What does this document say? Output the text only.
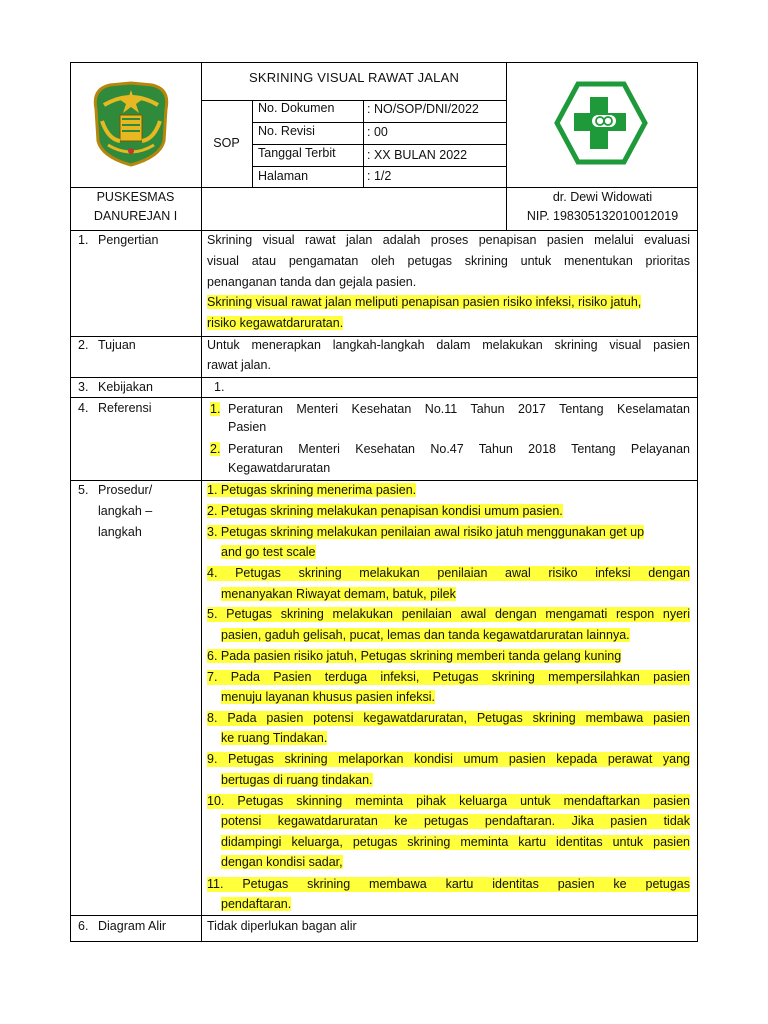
SKRINING VISUAL RAWAT JALAN
SOP
No. Dokumen	: NO/SOP/DNI/2022
No. Revisi	: 00
Tanggal Terbit	: XX BULAN 2022
Halaman	: 1/2
PUSKESMAS
DANUREJAN I
dr. Dewi Widowati
NIP. 198305132010012019
1. Pengertian	Skrining visual rawat jalan adalah proses penapisan pasien melalui evaluasi
visual atau pengamatan oleh petugas skrining untuk menentukan prioritas
penanganan tanda dan gejala pasien.
Skrining visual rawat jalan meliputi penapisan pasien risiko infeksi, risiko jatuh,
risiko kegawatdaruratan.
2. Tujuan	Untuk menerapkan langkah-langkah dalam melakukan skrining visual pasien
rawat jalan.
3. Kebijakan	1.
4. Referensi	1. Peraturan Menteri Kesehatan No.11 Tahun 2017 Tentang Keselamatan
Pasien
2. Peraturan Menteri Kesehatan No.47 Tahun 2018 Tentang Pelayanan
Kegawatdaruratan
5. Prosedur/
langkah –
langkah
1. Petugas skrining menerima pasien.
2. Petugas skrining melakukan penapisan kondisi umum pasien.
3. Petugas skrining melakukan penilaian awal risiko jatuh menggunakan get up
and go test scale
4. Petugas skrining melakukan penilaian awal risiko infeksi dengan
menanyakan Riwayat demam, batuk, pilek
5. Petugas skrining melakukan penilaian awal dengan mengamati respon nyeri
pasien, gaduh gelisah, pucat, lemas dan tanda kegawatdaruratan lainnya.
6. Pada pasien risiko jatuh, Petugas skrining memberi tanda gelang kuning
7. Pada Pasien terduga infeksi, Petugas skrining mempersilahkan pasien
menuju layanan khusus pasien infeksi.
8. Pada pasien potensi kegawatdaruratan, Petugas skrining membawa pasien
ke ruang Tindakan.
9. Petugas skrining melaporkan kondisi umum pasien kepada perawat yang
bertugas di ruang tindakan.
10. Petugas skinning meminta pihak keluarga untuk mendaftarkan pasien
potensi kegawatdaruratan ke petugas pendaftaran. Jika pasien tidak
didampingi keluarga, petugas skrining meminta kartu identitas untuk pasien
dengan kondisi sadar,
11. Petugas skrining membawa kartu identitas pasien ke petugas
pendaftaran.
6. Diagram Alir	Tidak diperlukan bagan alir
